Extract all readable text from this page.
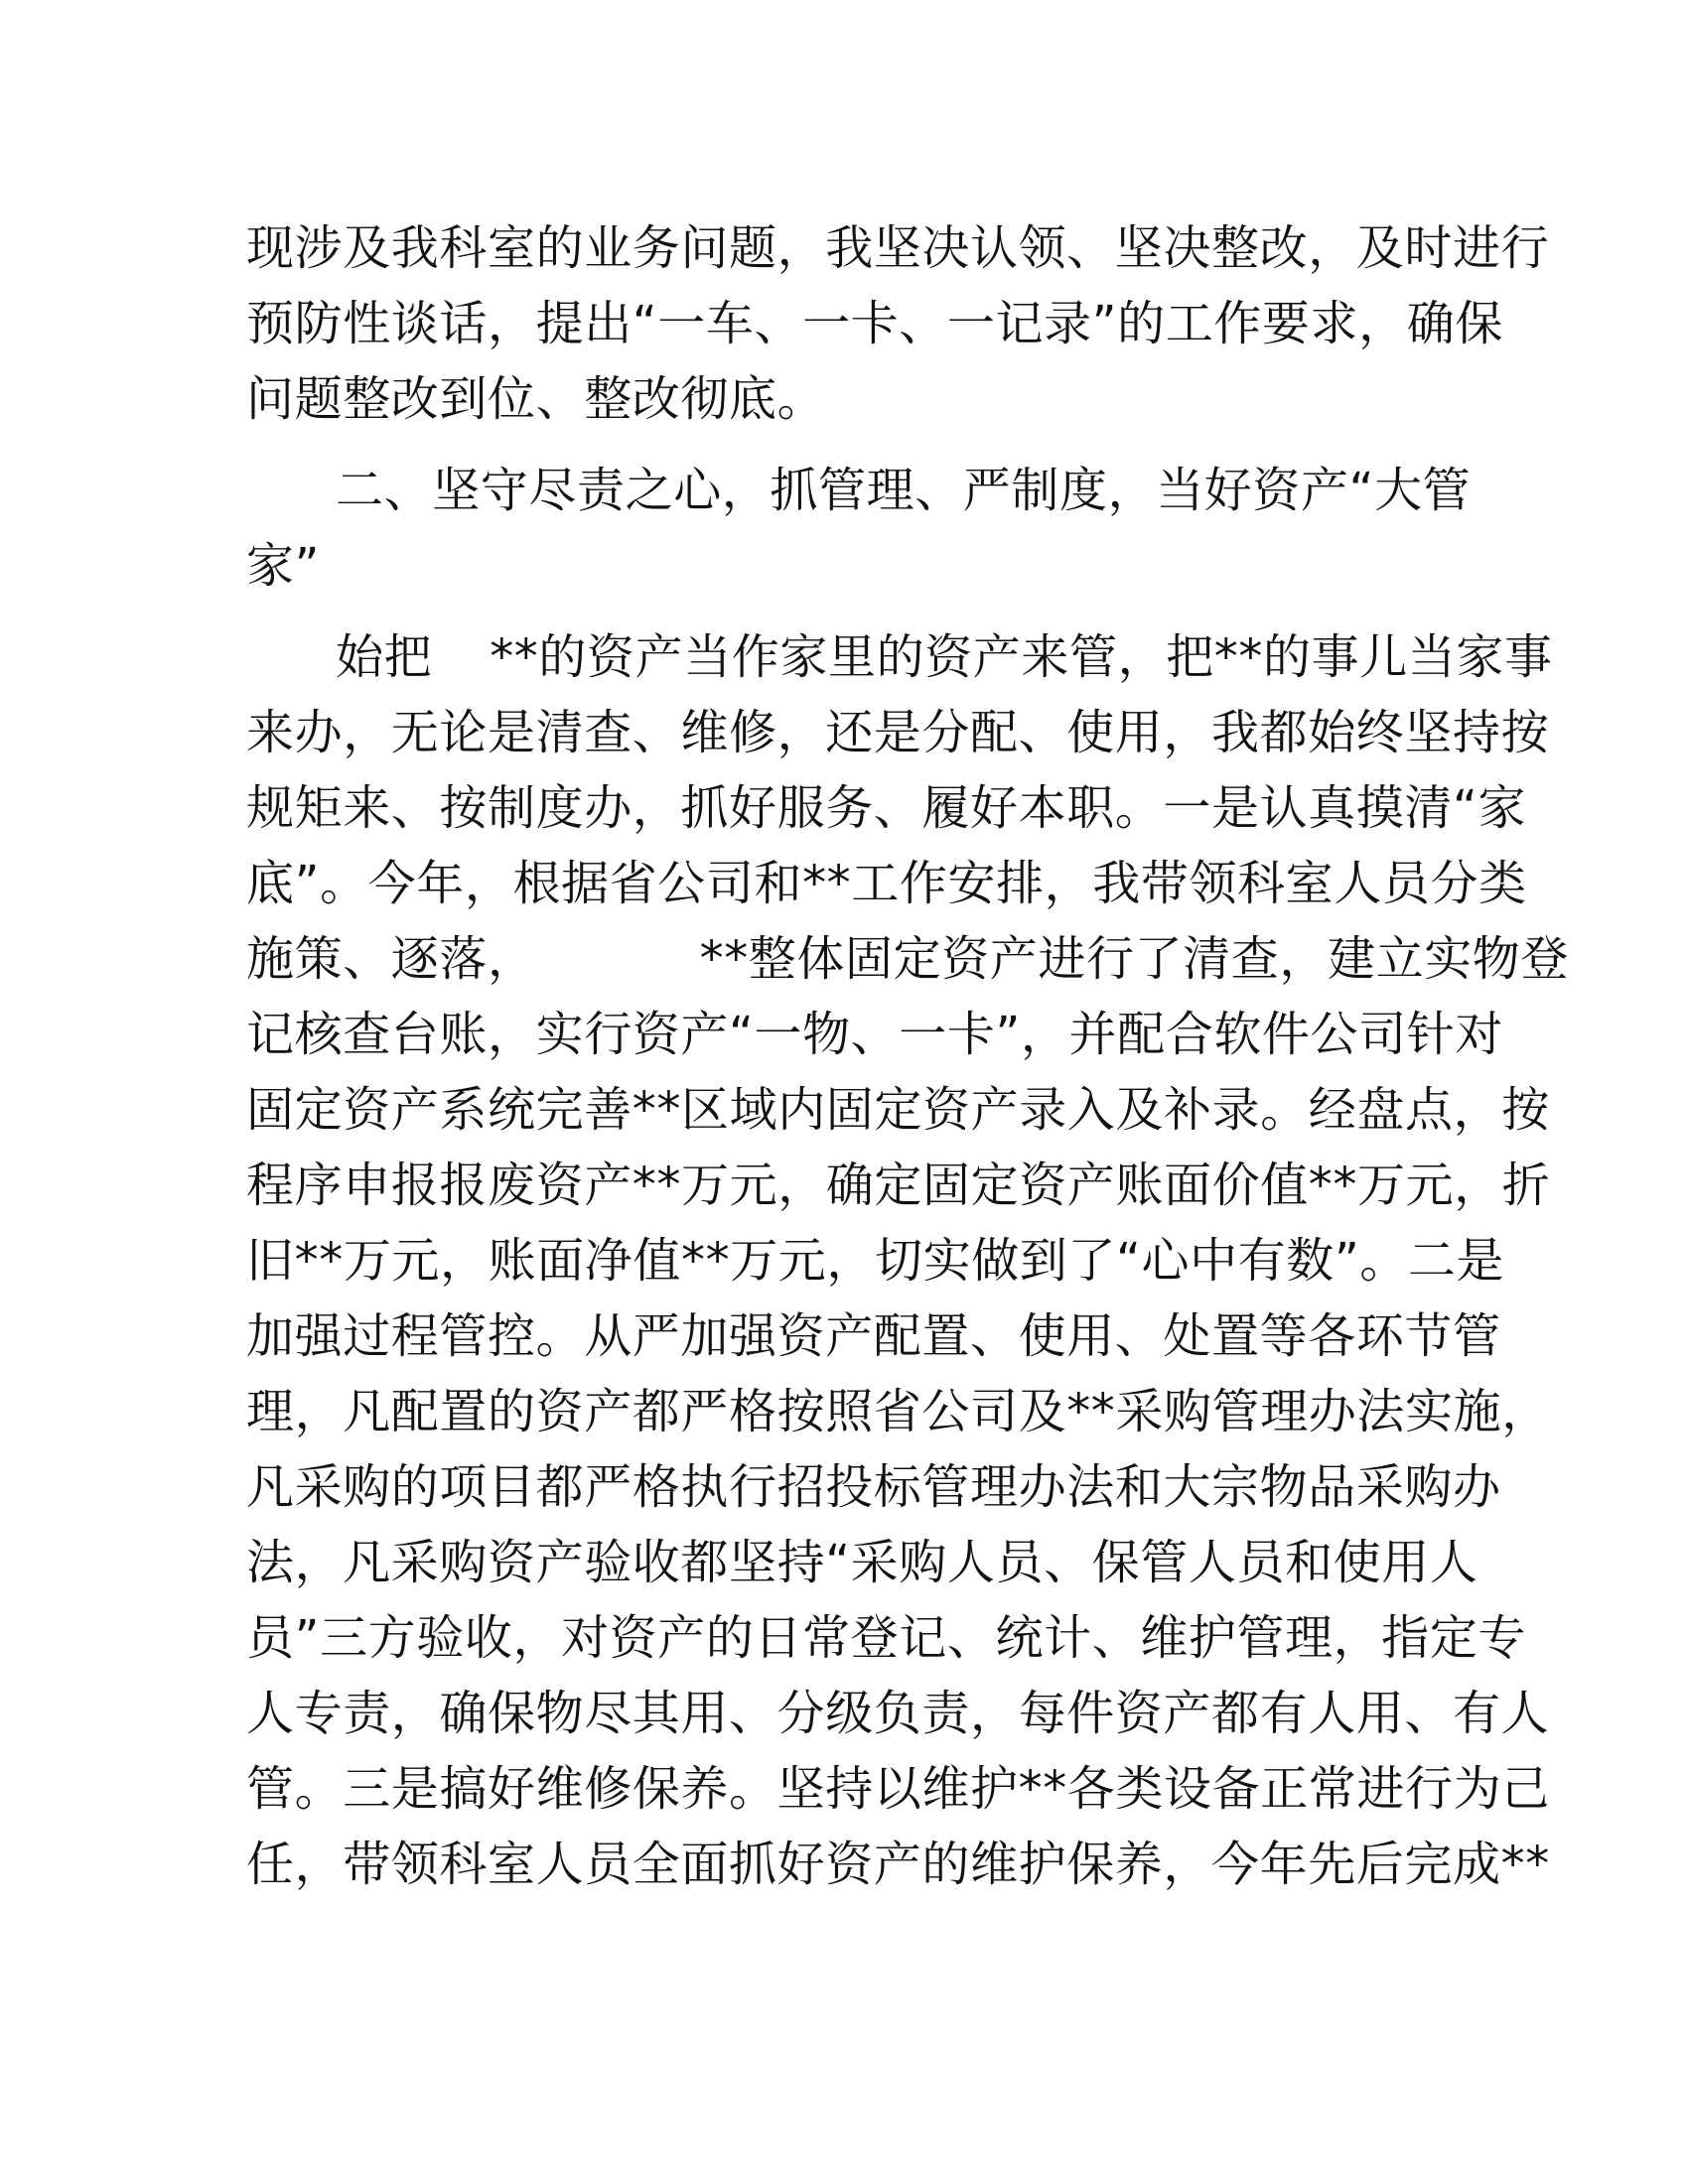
现涉及我科室的业务问题，我坚决认领、坚决整改，及时进行
预防性谈话，提出“一车、一卡、一记录”的工作要求，确保
问题整改到位、整改彻底。
二、坚守尽责之心，抓管理、严制度，当好资产“大管
家”
始把 **的资产当作家里的资产来管，把**的事儿当家事
来办，无论是清查、维修，还是分配、使用，我都始终坚持按
规矩来、按制度办，抓好服务、履好本职。一是认真摸清“家
底”。今年，根据省公司和**工作安排，我带领科室人员分类
施策、逐落，	**整体固定资产进行了清查，建立实物登
记核查台账，实行资产“一物、一卡”，并配合软件公司针对
固定资产系统完善**区域内固定资产录入及补录。经盘点，按
程序申报报废资产**万元，确定固定资产账面价值**万元，折
旧**万元，账面净值**万元，切实做到了“心中有数”。二是
加强过程管控。从严加强资产配置、使用、处置等各环节管
理，凡配置的资产都严格按照省公司及**采购管理办法实施，
凡采购的项目都严格执行招投标管理办法和大宗物品采购办
法，凡采购资产验收都坚持“采购人员、保管人员和使用人
员”三方验收，对资产的日常登记、统计、维护管理，指定专
人专责，确保物尽其用、分级负责，每件资产都有人用、有人
管。三是搞好维修保养。坚持以维护**各类设备正常进行为己
任，带领科室人员全面抓好资产的维护保养，今年先后完成**
